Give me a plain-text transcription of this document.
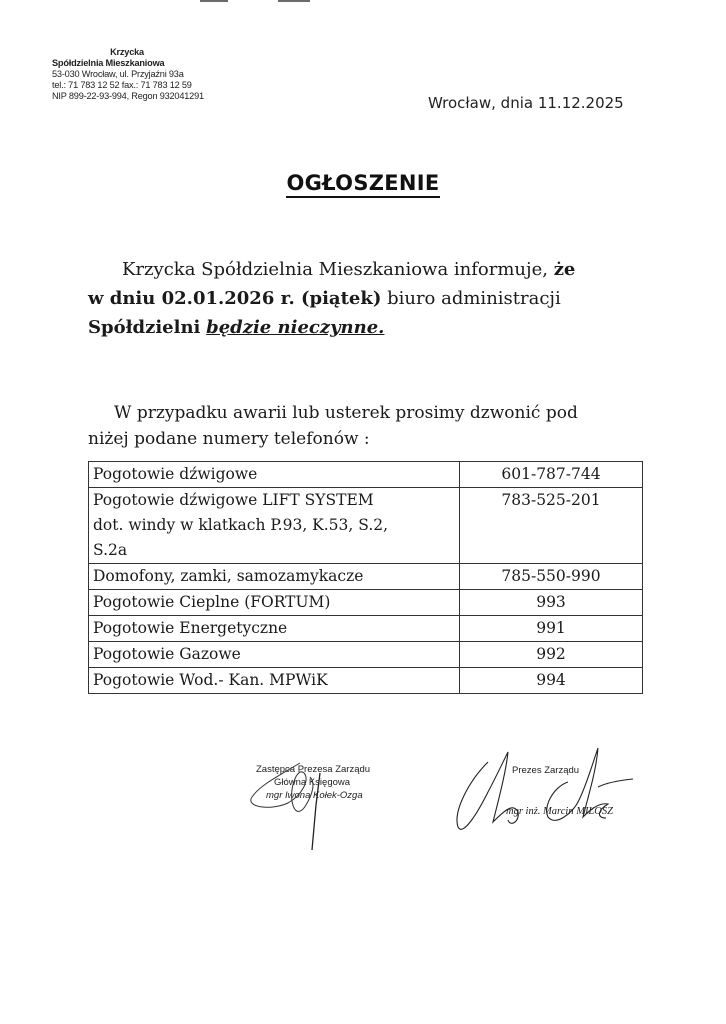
Krzycka
Spółdzielnia Mieszkaniowa
53-030 Wrocław, ul. Przyjaźni 93a
tel.: 71 783 12 52 fax.: 71 783 12 59
NIP 899-22-93-994, Regon 932041291	Wrocław, dnia 11.12.2025
OGŁOSZENIE
Krzycka Spółdzielnia Mieszkaniowa informuje, że
w dniu 02.01.2026 r. (piątek) biuro administracji
Spółdzielni będzie nieczynne.
W przypadku awarii lub usterek prosimy dzwonić pod
niżej podane numery telefonów :
Pogotowie dźwigowe	601-787-744

Pogotowie dźwigowe LIFT SYSTEM
dot. windy w klatkach P.93, K.53, S.2,
S.2a	783-525-201
Domofony, zamki, samozamykacze	785-550-990
Pogotowie Cieplne (FORTUM)	993
Pogotowie Energetyczne	991
Pogotowie Gazowe	992
Pogotowie Wod.- Kan. MPWiK	994
Zastępca Prezesa Zarządu
Główna Księgowa
mgr Iwona Kołek-Ozga
Prezes Zarządu
mgr inż. Marcin MIŁOSZ
